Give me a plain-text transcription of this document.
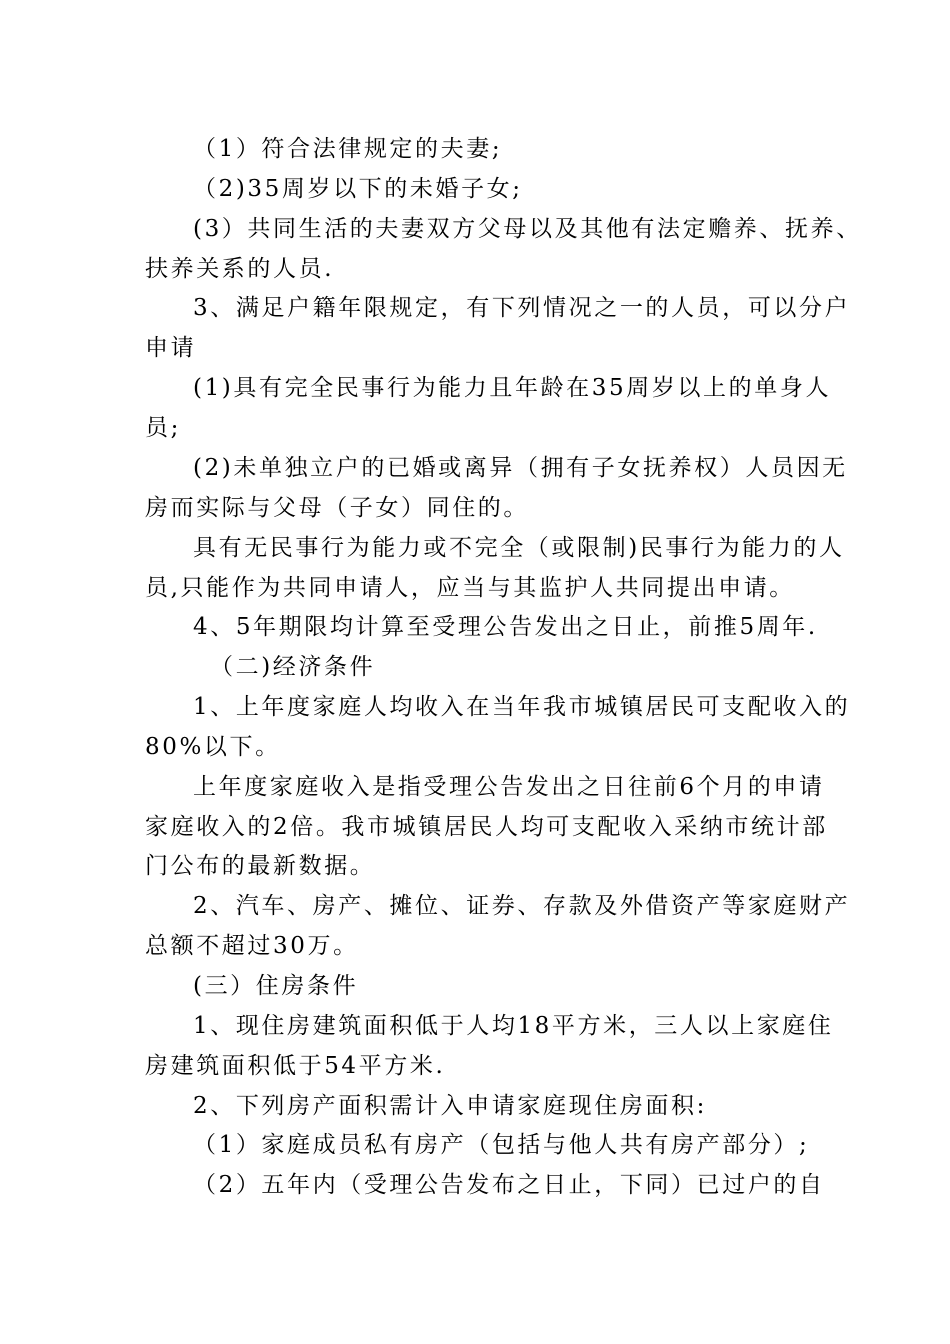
（1）符合法律规定的夫妻;
（2)35周岁以下的未婚子女;
(3）共同生活的夫妻双方父母以及其他有法定赡养、抚养、
扶养关系的人员.
3、满足户籍年限规定，有下列情况之一的人员，可以分户
申请
(1)具有完全民事行为能力且年龄在35周岁以上的单身人
员;
(2)未单独立户的已婚或离异（拥有子女抚养权）人员因无
房而实际与父母（子女）同住的。
具有无民事行为能力或不完全（或限制)民事行为能力的人
员,只能作为共同申请人，应当与其监护人共同提出申请。
4、5年期限均计算至受理公告发出之日止，前推5周年.
（二)经济条件
1、上年度家庭人均收入在当年我市城镇居民可支配收入的
80%以下。
上年度家庭收入是指受理公告发出之日往前6个月的申请
家庭收入的2倍。我市城镇居民人均可支配收入采纳市统计部
门公布的最新数据。
2、汽车、房产、摊位、证券、存款及外借资产等家庭财产
总额不超过30万。
(三）住房条件
1、现住房建筑面积低于人均18平方米，三人以上家庭住
房建筑面积低于54平方米.
2、下列房产面积需计入申请家庭现住房面积:
（1）家庭成员私有房产（包括与他人共有房产部分）;
（2）五年内（受理公告发布之日止，下同）已过户的自
